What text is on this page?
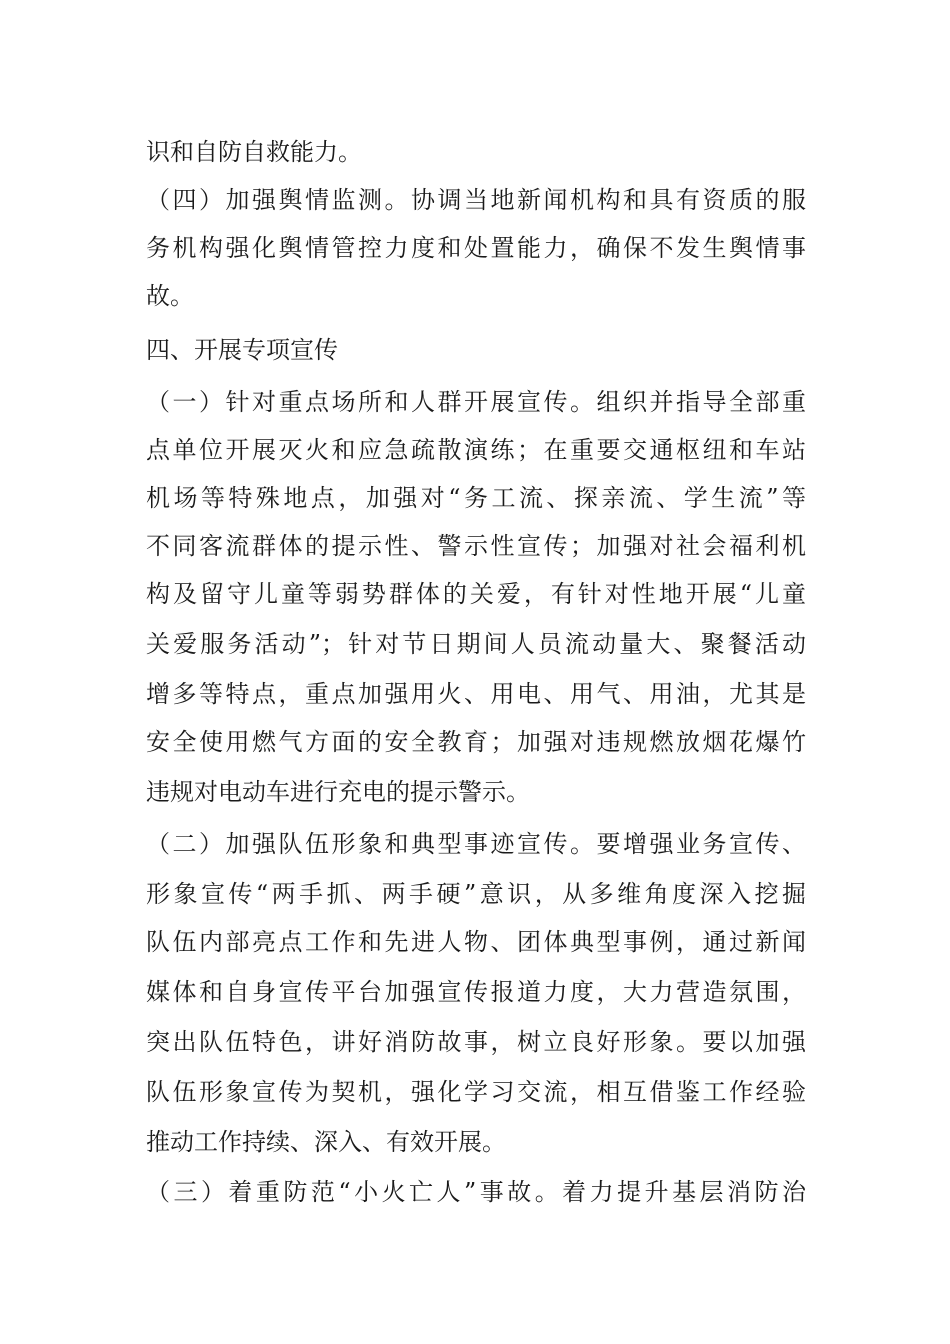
识和自防自救能力。

（四）加强舆情监测。协调当地新闻机构和具有资质的服

务机构强化舆情管控力度和处置能力，确保不发生舆情事

故。

四、开展专项宣传

（一）针对重点场所和人群开展宣传。组织并指导全部重

点单位开展灭火和应急疏散演练；在重要交通枢纽和车站

机场等特殊地点，加强对“务工流、探亲流、学生流”等

不同客流群体的提示性、警示性宣传；加强对社会福利机

构及留守儿童等弱势群体的关爱，有针对性地开展“儿童

关爱服务活动”；针对节日期间人员流动量大、聚餐活动

增多等特点，重点加强用火、用电、用气、用油，尤其是

安全使用燃气方面的安全教育；加强对违规燃放烟花爆竹

违规对电动车进行充电的提示警示。

（二）加强队伍形象和典型事迹宣传。要增强业务宣传、

形象宣传“两手抓、两手硬”意识，从多维角度深入挖掘

队伍内部亮点工作和先进人物、团体典型事例，通过新闻

媒体和自身宣传平台加强宣传报道力度，大力营造氛围，

突出队伍特色，讲好消防故事，树立良好形象。要以加强

队伍形象宣传为契机，强化学习交流，相互借鉴工作经验

推动工作持续、深入、有效开展。

（三）着重防范“小火亡人”事故。着力提升基层消防治
